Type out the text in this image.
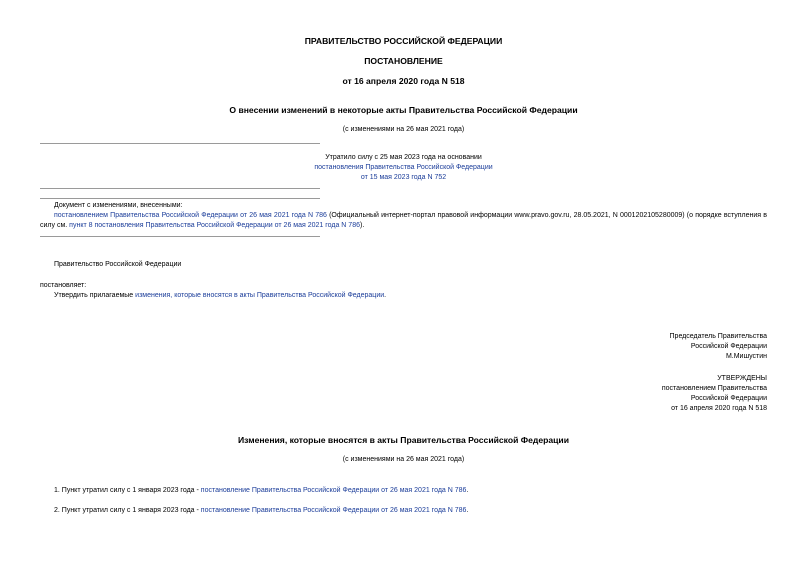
ПРАВИТЕЛЬСТВО РОССИЙСКОЙ ФЕДЕРАЦИИ
ПОСТАНОВЛЕНИЕ
от 16 апреля 2020 года N 518
О внесении изменений в некоторые акты Правительства Российской Федерации
(с изменениями на 26 мая 2021 года)
Утратило силу с 25 мая 2023 года на основании
постановления Правительства Российской Федерации
от 15 мая 2023 года N 752
Документ с изменениями, внесенными:
постановлением Правительства Российской Федерации от 26 мая 2021 года N 786 (Официальный интернет-портал правовой информации www.pravo.gov.ru, 28.05.2021, N 0001202105280009) (о порядке вступления в силу см. пункт 8 постановления Правительства Российской Федерации от 26 мая 2021 года N 786).
Правительство Российской Федерации
постановляет:
Утвердить прилагаемые изменения, которые вносятся в акты Правительства Российской Федерации.
Председатель Правительства
Российской Федерации
М.Мишустин
УТВЕРЖДЕНЫ
постановлением Правительства
Российской Федерации
от 16 апреля 2020 года N 518
Изменения, которые вносятся в акты Правительства Российской Федерации
(с изменениями на 26 мая 2021 года)
1. Пункт утратил силу с 1 января 2023 года - постановление Правительства Российской Федерации от 26 мая 2021 года N 786.
2. Пункт утратил силу с 1 января 2023 года - постановление Правительства Российской Федерации от 26 мая 2021 года N 786.
